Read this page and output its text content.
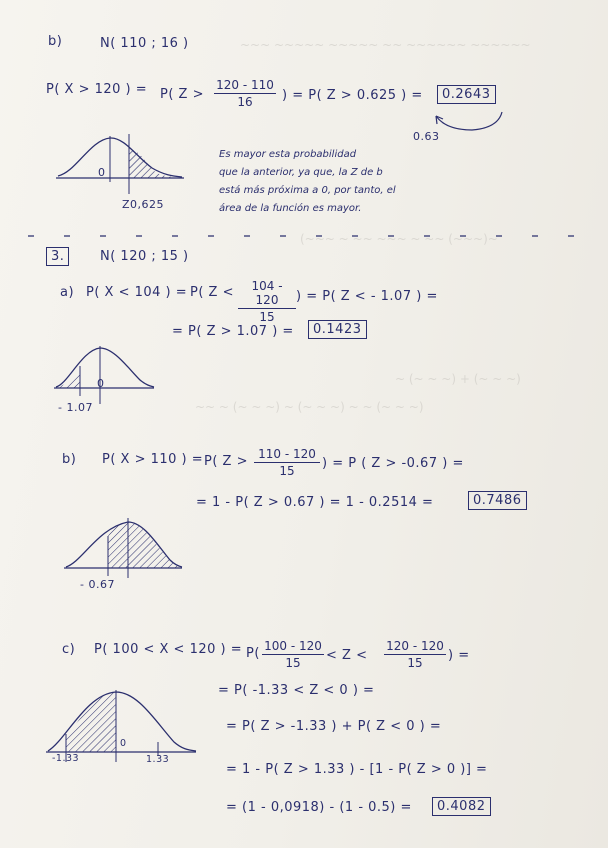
~~~ ~~~~~ ~~~~~ ~~ ~~~~~~ ~~~~~~
(~~~ ~ ~~ ~~~ ~ ~~ (~~~)~
~ (~ ~ ~) + (~ ~ ~)
~~ ~ (~ ~ ~) ~ (~ ~ ~) ~ ~ (~ ~ ~)
b)	N( 110 ; 16 )
P( X > 120 ) = P( Z >
120 - 110
16	) = P( Z > 0.625 ) =	0.2643
0.63
0
Z0,625
Es mayor esta probabilidad
que la anterior, ya que, la Z de b
está más próxima a 0, por tanto, el
área de la función es mayor.
3.	N( 120 ; 15 )
a) P( X < 104 ) = P( Z <	104 - 120
15
) = P( Z < - 1.07 ) =
= P( Z > 1.07 ) =	0.1423
0
- 1.07
b) P( X > 110 ) = P( Z > 110 - 120
15	) = P ( Z > -0.67 ) =
= 1 - P( Z > 0.67 ) = 1 - 0.2514 =	0.7486
- 0.67
c) P( 100 < X < 120 ) = P( 100 - 120
15	< Z <
120 - 120
15	) =
= P( -1.33 < Z < 0 ) =
= P( Z > -1.33 ) + P( Z < 0 ) =
= 1 - P( Z > 1.33 ) - [1 - P( Z > 0 )] =
= (1 - 0,0918) - (1 - 0.5) =	0.4082
0
-1.33	1.33
